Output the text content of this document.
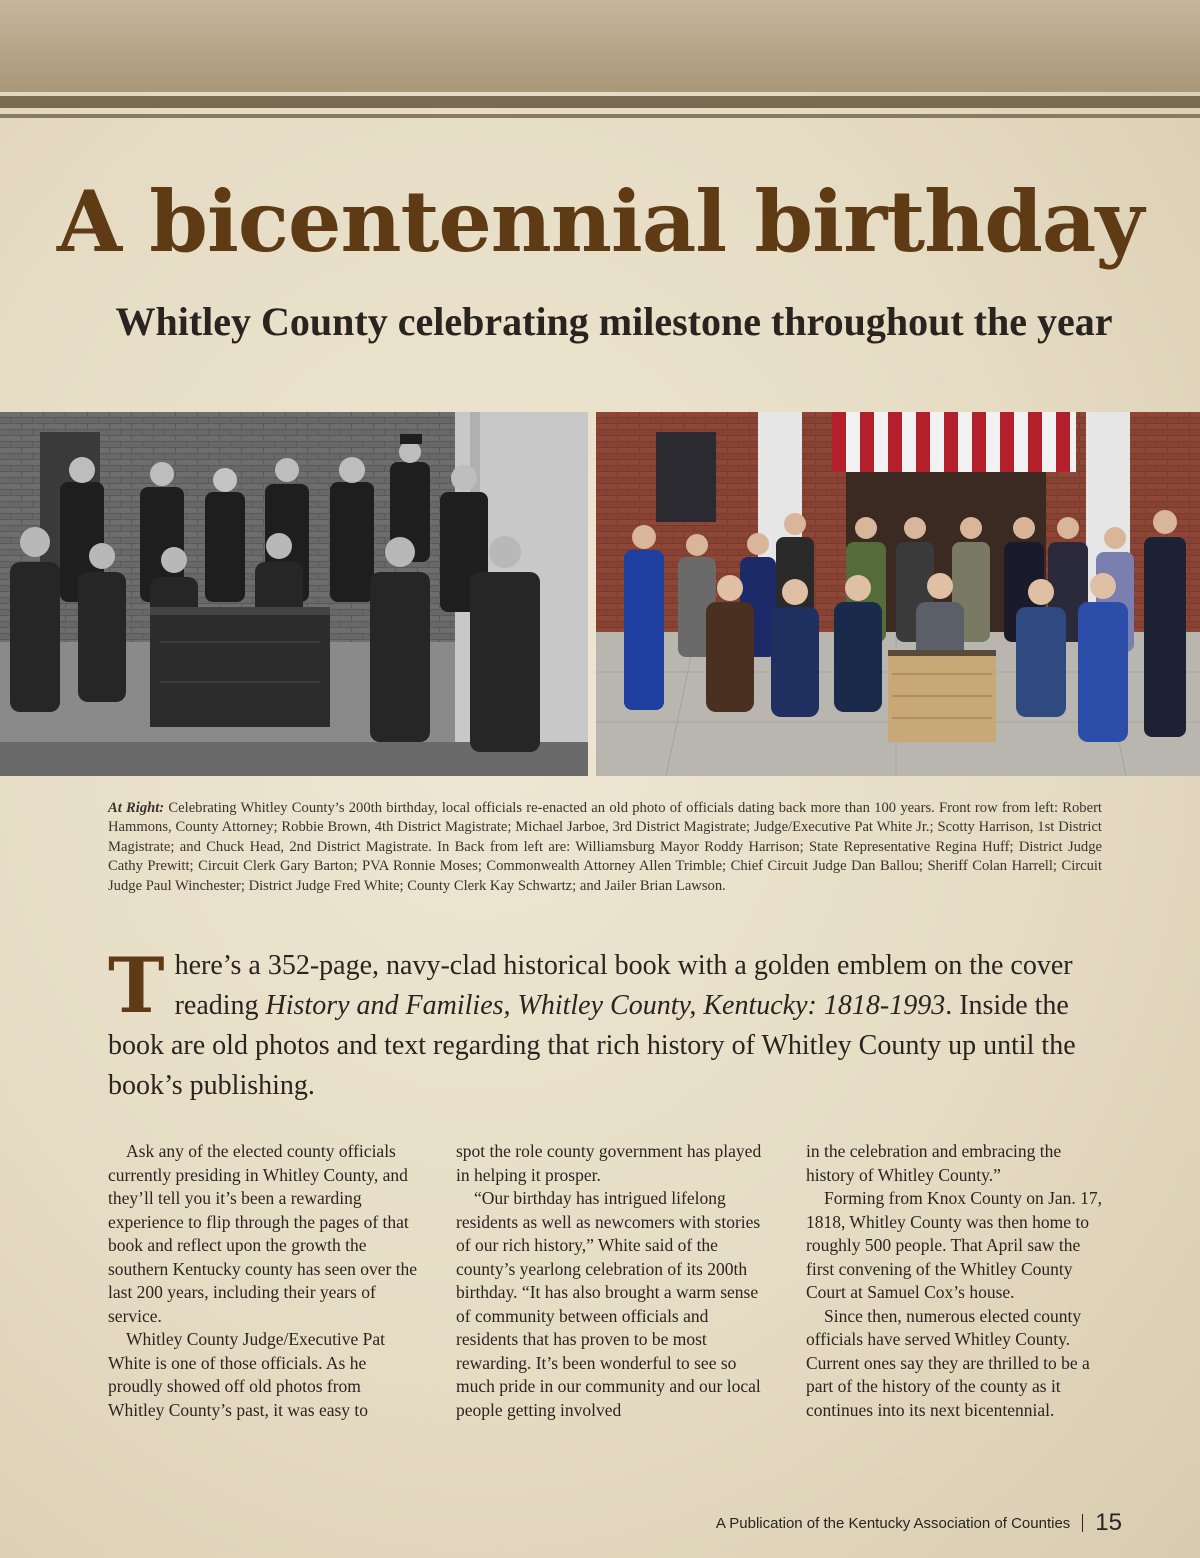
A bicentennial birthday
Whitley County celebrating milestone throughout the year

At Right: Celebrating Whitley County’s 200th birthday, local officials re-enacted an old photo of officials dating back more than 100 years. Front row from left: Robert Hammons, County Attorney; Robbie Brown, 4th District Magistrate; Michael Jarboe, 3rd District Magistrate; Judge/Executive Pat White Jr.; Scotty Harrison, 1st District Magistrate; and Chuck Head, 2nd District Magistrate. In Back from left are: Williamsburg Mayor Roddy Harrison; State Representative Regina Huff; District Judge Cathy Prewitt; Circuit Clerk Gary Barton; PVA Ronnie Moses; Commonwealth Attorney Allen Trimble; Chief Circuit Judge Dan Ballou; Sheriff Colan Harrell; Circuit Judge Paul Winchester; District Judge Fred White; County Clerk Kay Schwartz; and Jailer Brian Lawson.

There’s a 352-page, navy-clad historical book with a golden emblem on the cover reading History and Families, Whitley County, Kentucky: 1818-1993. Inside the book are old photos and text regarding that rich history of Whitley County up until the book’s publishing.

Ask any of the elected county officials currently presiding in Whitley County, and they’ll tell you it’s been a rewarding experience to flip through the pages of that book and reflect upon the growth the southern Kentucky county has seen over the last 200 years, including their years of service.

Whitley County Judge/Executive Pat White is one of those officials. As he proudly showed off old photos from Whitley County’s past, it was easy to

spot the role county government has played in helping it prosper.

“Our birthday has intrigued lifelong residents as well as newcomers with stories of our rich history,” White said of the county’s yearlong celebration of its 200th birthday. “It has also brought a warm sense of community between officials and residents that has proven to be most rewarding. It’s been wonderful to see so much pride in our community and our local people getting involved

in the celebration and embracing the history of Whitley County.”

Forming from Knox County on Jan. 17, 1818, Whitley County was then home to roughly 500 people. That April saw the first convening of the Whitley County Court at Samuel Cox’s house.

Since then, numerous elected county officials have served Whitley County. Current ones say they are thrilled to be a part of the history of the county as it continues into its next bicentennial.

A Publication of the Kentucky Association of Counties 15
